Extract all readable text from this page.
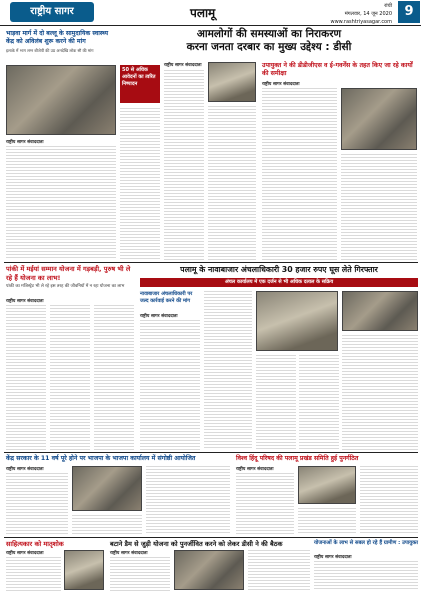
राष्ट्रीय सागर	पलामू	रांची
मंगलवार, 14 जून 2020
www.rashtriyasagar.com
9
भाड़वा मार्ग में दो बल्लू के सामुदायिक स्वास्थ्य केंद्र को अविलंब शुरू करने की मांग
इलाके में भाग लग्न बीजेपी की उप्र अनदेखि लोक सौ की मांग
50 से अधिक आवेदनों का त्वरित निष्पादन
राष्ट्रीय सागर संवाददाता
आमलोगों की समस्याओं का निराकरण
करना जनता दरबार का मुख्य उद्देश्य : डीसी
राष्ट्रीय सागर संवाददाता	उपायुक्त ने की डीडीजीएस व ई-गवर्नेंस के तहत किए जा रहे कार्यों की समीक्षा
राष्ट्रीय सागर संवाददाता
पांकी में मईयां सम्मान योजना में गड़बड़ी, पुरुष भी ले रहे हैं योजना का लाभ!
पांकी का मजिस्ट्रेट भी ले रहे इस तरह की जीवनियों में न रहा योजना का लाभ
राष्ट्रीय सागर संवाददाता
पलामू के नावाबाजार अंचलाधिकारी 30 हजार रुपए घूस लेते गिरफ्तार
अंचल कार्यालय में एक दर्जन से भी अधिक दलाल के सक्रिय
नावाबाजार अंचलाधिकारी पर जल्द कार्रवाई करने की मांग
राष्ट्रीय सागर संवाददाता
केंद्र सरकार के 11 वर्ष पूरे होने पर भाजपा के भाजपा कार्यालय में संगोष्ठी आयोजित
राष्ट्रीय सागर संवाददाता
विश्व हिंदू परिषद की पलामू प्रखंड समिति हुई पुनर्गठित
राष्ट्रीय सागर संवाददाता
साहित्यकार को मातृशोक
राष्ट्रीय सागर संवाददाता
बटाने डैम से जुड़ी योजना को पुनर्जीवित करने को लेकर डीसी ने की बैठक
राष्ट्रीय सागर संवाददाता
योजनाओं के लाभ से सबल हो रहे हैं ग्रामीण : उपायुक्त
राष्ट्रीय सागर संवाददाता
